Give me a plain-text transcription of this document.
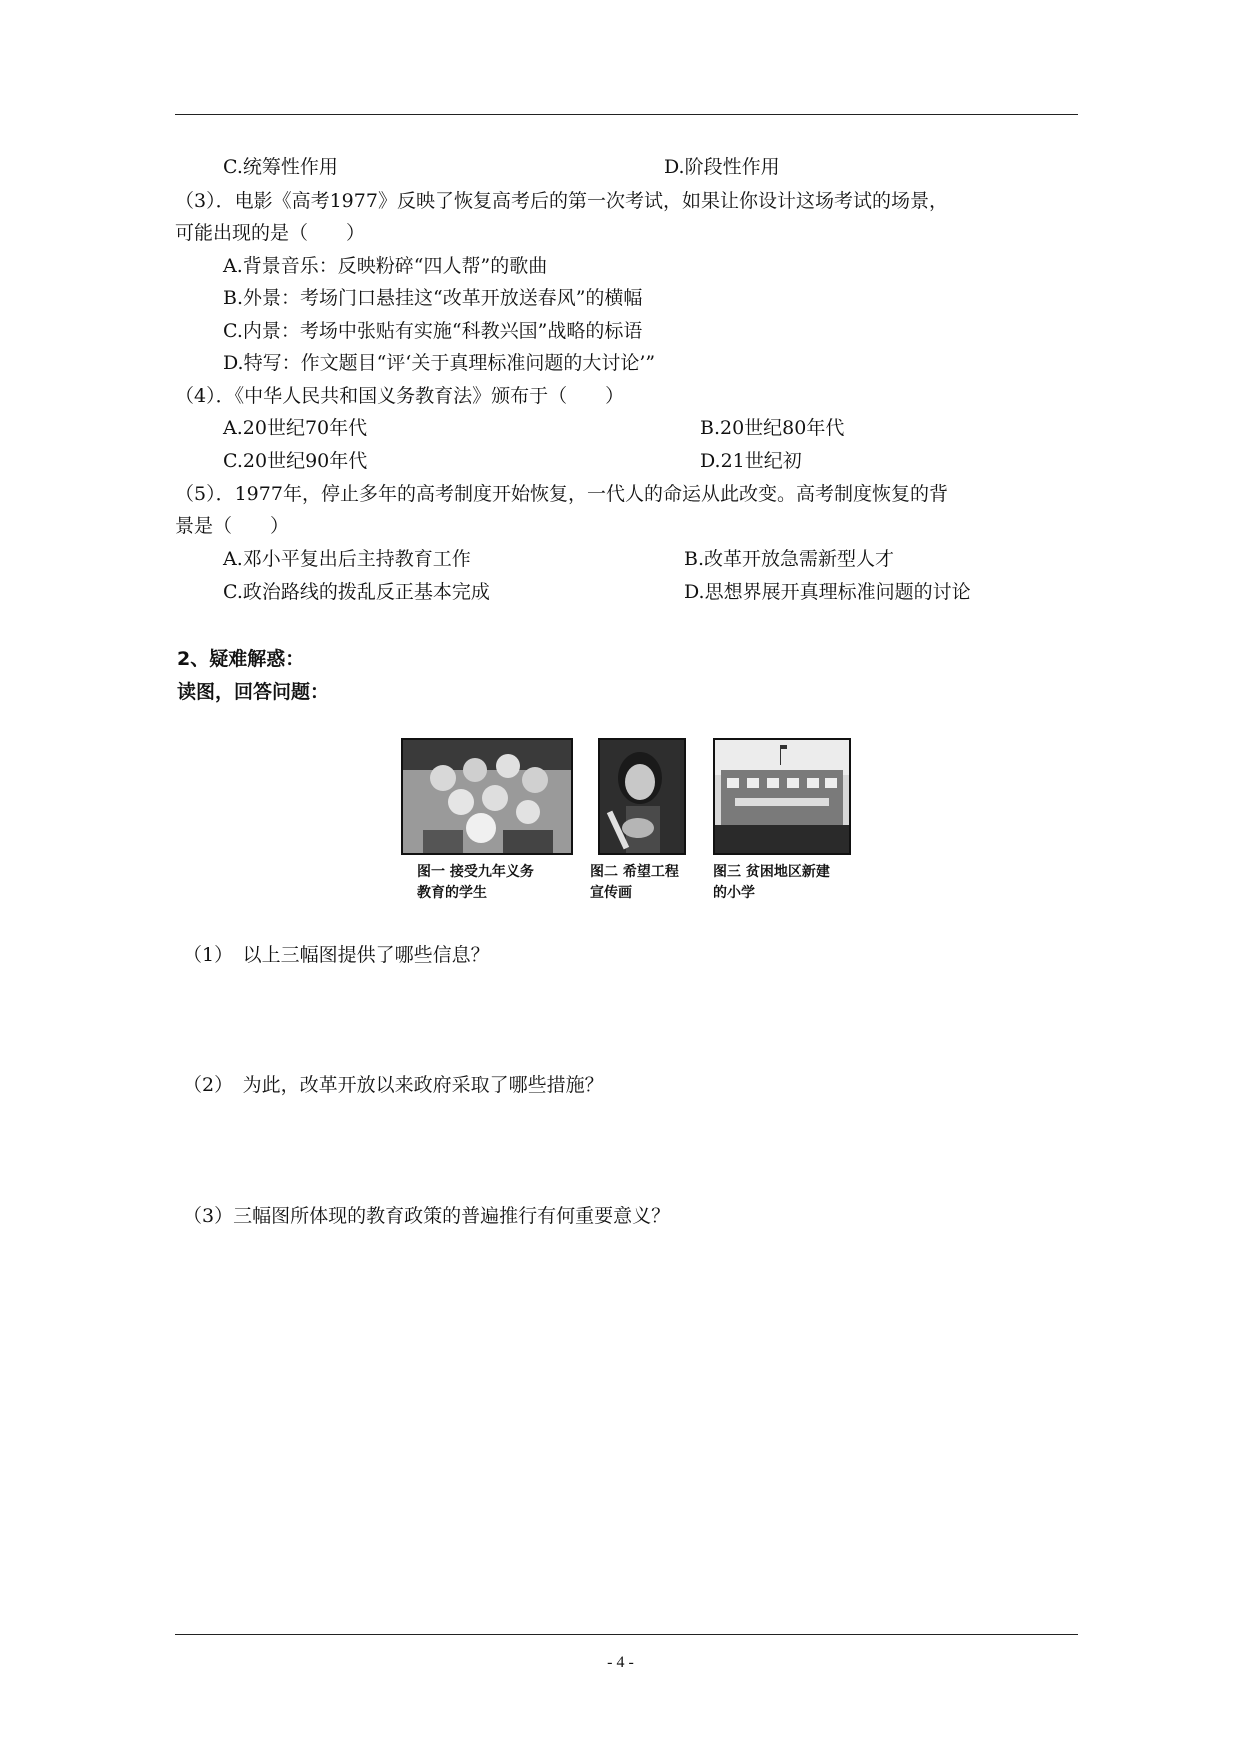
C.统筹性作用	D.阶段性作用
（3）．电影《高考1977》反映了恢复高考后的第一次考试，如果让你设计这场考试的场景，
可能出现的是（　　）
A.背景音乐：反映粉碎“四人帮”的歌曲
B.外景：考场门口悬挂这“改革开放送春风”的横幅
C.内景：考场中张贴有实施“科教兴国”战略的标语
D.特写：作文题目“评‘关于真理标准问题的大讨论’”
（4）．《中华人民共和国义务教育法》颁布于（　　）
A.20世纪70年代	B.20世纪80年代
C.20世纪90年代	D.21世纪初
（5）．1977年，停止多年的高考制度开始恢复，一代人的命运从此改变。高考制度恢复的背
景是（　　）
A.邓小平复出后主持教育工作	B.改革开放急需新型人才
C.政治路线的拨乱反正基本完成	D.思想界展开真理标准问题的讨论
2、疑难解惑：
读图，回答问题：
图一 接受九年义务
教育的学生
图二 希望工程
宣传画
图三 贫困地区新建
的小学
（1）　以上三幅图提供了哪些信息？
（2）　为此，改革开放以来政府采取了哪些措施？
（3）三幅图所体现的教育政策的普遍推行有何重要意义？
- 4 -
